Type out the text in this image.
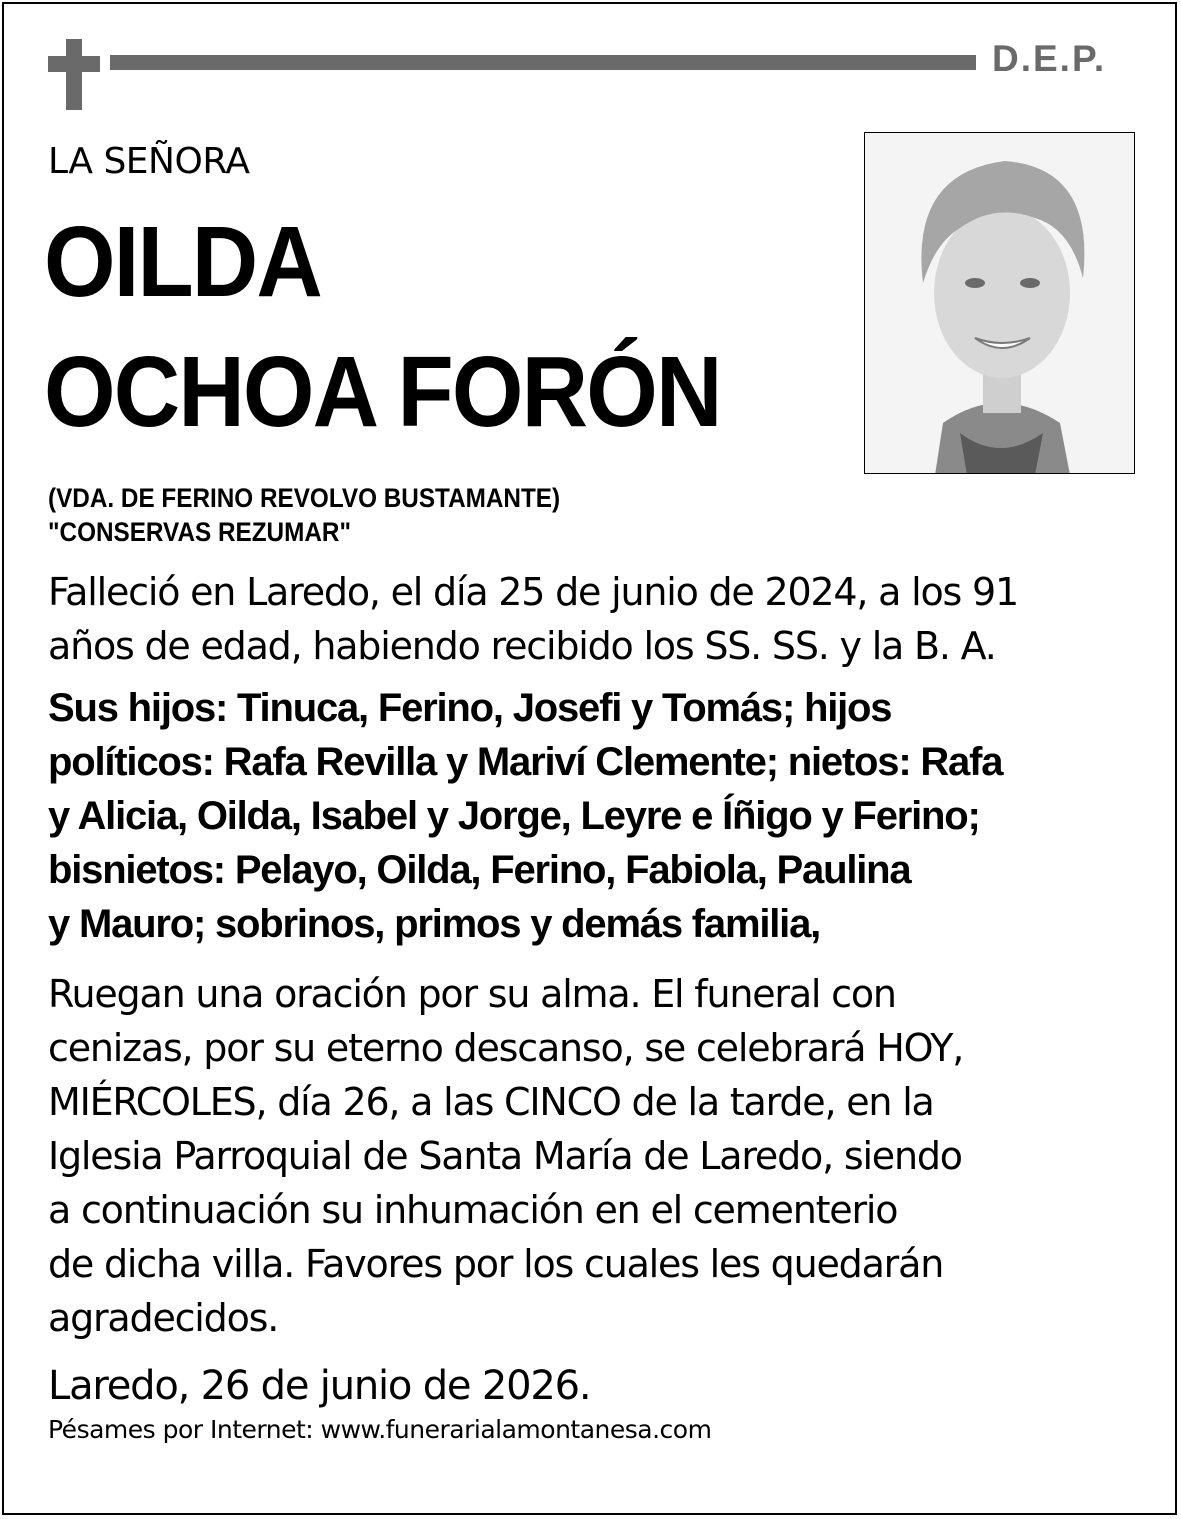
D.E.P.
LA SEÑORA
OILDA
OCHOA FORÓN
(VDA. DE FERINO REVOLVO BUSTAMANTE)
"CONSERVAS REZUMAR"

Falleció en Laredo, el día 25 de junio de 2024, a los 91
años de edad, habiendo recibido los SS. SS. y la B. A.

Sus hijos: Tinuca, Ferino, Josefi y Tomás; hijos
políticos: Rafa Revilla y Mariví Clemente; nietos: Rafa
y Alicia, Oilda, Isabel y Jorge, Leyre e Íñigo y Ferino;
bisnietos: Pelayo, Oilda, Ferino, Fabiola, Paulina
y Mauro; sobrinos, primos y demás familia,

Ruegan una oración por su alma. El funeral con
cenizas, por su eterno descanso, se celebrará HOY,
MIÉRCOLES, día 26, a las CINCO de la tarde, en la
Iglesia Parroquial de Santa María de Laredo, siendo
a continuación su inhumación en el cementerio
de dicha villa. Favores por los cuales les quedarán
agradecidos.

Laredo, 26 de junio de 2026.

Pésames por Internet: www.funerarialamontanesa.com
